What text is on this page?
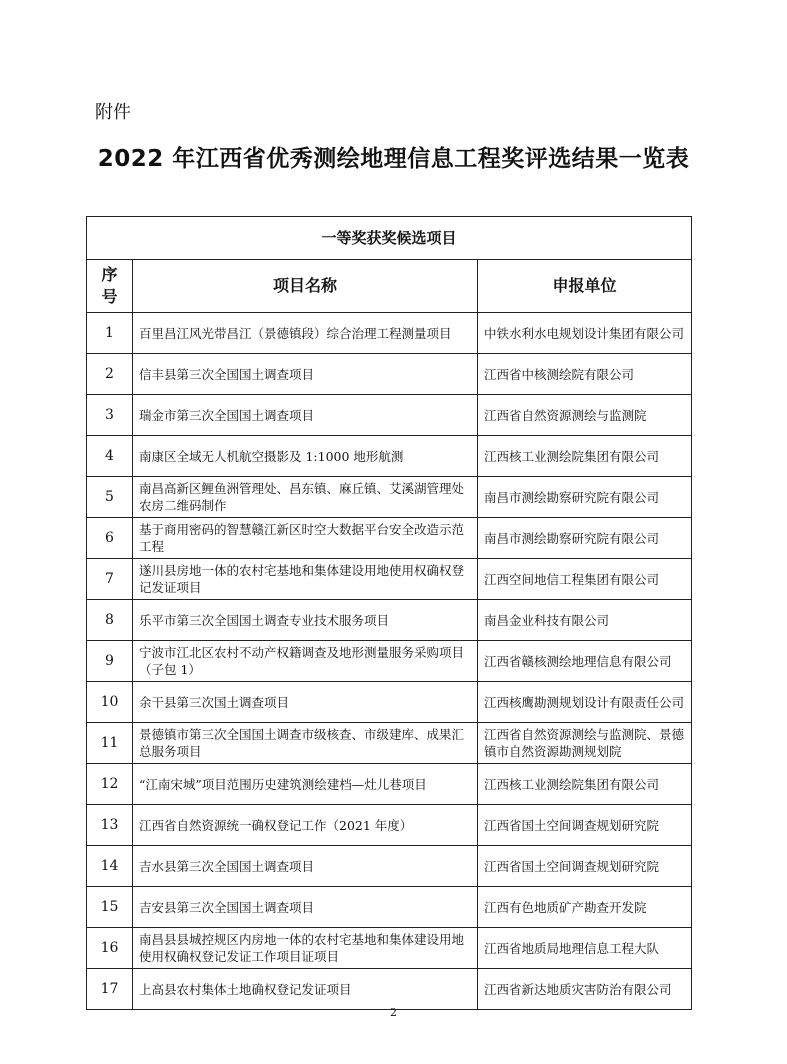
附件
2022 年江西省优秀测绘地理信息工程奖评选结果一览表
一等奖获奖候选项目		
序
号	项目名称	申报单位
1	百里昌江风光带昌江（景德镇段）综合治理工程测量项目	中铁水利水电规划设计集团有限公司
2	信丰县第三次全国国土调查项目	江西省中核测绘院有限公司
3	瑞金市第三次全国国土调查项目	江西省自然资源测绘与监测院
4	南康区全域无人机航空摄影及 1:1000 地形航测	江西核工业测绘院集团有限公司
5	南昌高新区鲤鱼洲管理处、昌东镇、麻丘镇、艾溪湖管理处农房二维码制作	南昌市测绘勘察研究院有限公司
6	基于商用密码的智慧赣江新区时空大数据平台安全改造示范工程	南昌市测绘勘察研究院有限公司
7	遂川县房地一体的农村宅基地和集体建设用地使用权确权登记发证项目	江西空间地信工程集团有限公司
8	乐平市第三次全国国土调查专业技术服务项目	南昌金业科技有限公司
9	宁波市江北区农村不动产权籍调查及地形测量服务采购项目（子包 1）	江西省赣核测绘地理信息有限公司
10	余干县第三次国土调查项目	江西核鹰勘测规划设计有限责任公司
11	景德镇市第三次全国国土调查市级核查、市级建库、成果汇总服务项目	江西省自然资源测绘与监测院、景德镇市自然资源勘测规划院
12	“江南宋城”项目范围历史建筑测绘建档—灶儿巷项目	江西核工业测绘院集团有限公司
13	江西省自然资源统一确权登记工作（2021 年度）	江西省国土空间调查规划研究院
14	吉水县第三次全国国土调查项目	江西省国土空间调查规划研究院
15	吉安县第三次全国国土调查项目	江西有色地质矿产勘查开发院
16	南昌县县城控规区内房地一体的农村宅基地和集体建设用地使用权确权登记发证工作项目证项目	江西省地质局地理信息工程大队
17	上高县农村集体土地确权登记发证项目	江西省新达地质灾害防治有限公司
2
